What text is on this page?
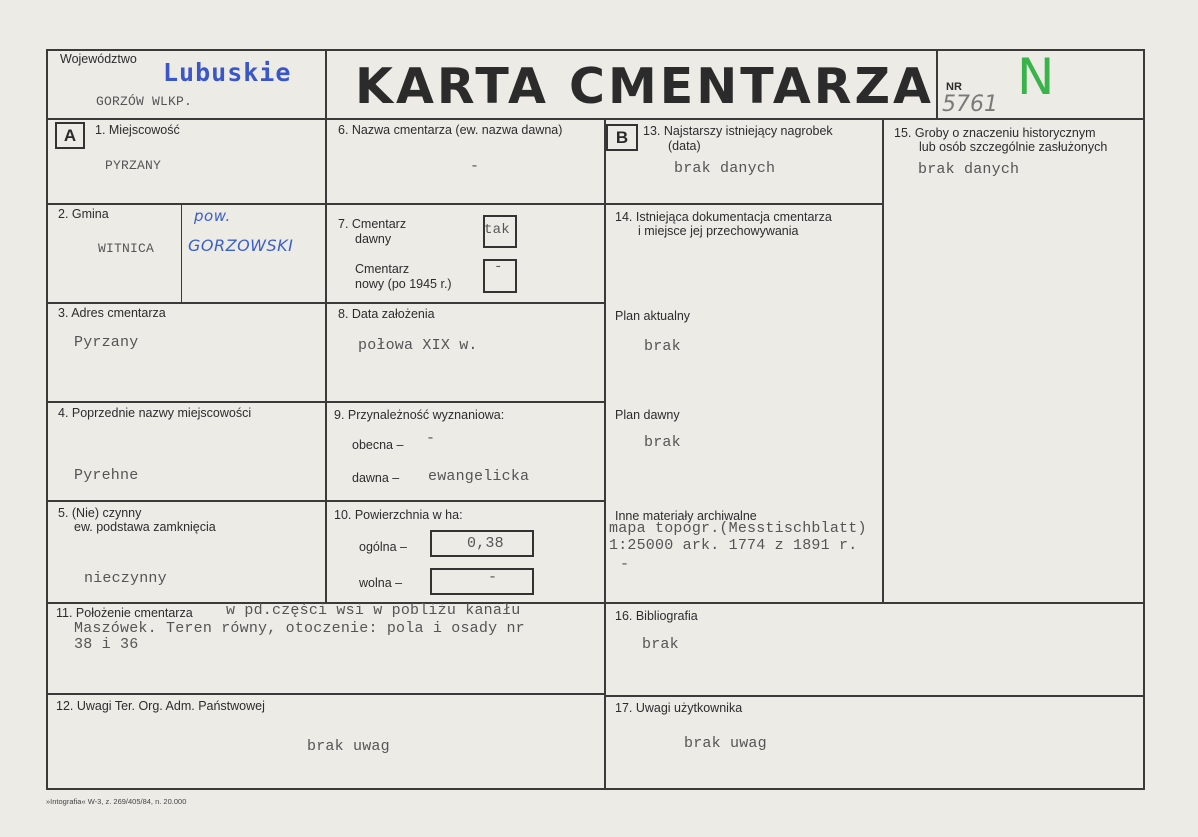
Województwo Lubuskie
GORZÓW WLKP.	KARTA CMENTARZA NR
5761 N
A	B
1. Miejscowość
PYRZANY
2. Gmina
WITNICA
pow.
GORZOWSKI
3. Adres cmentarza
Pyrzany
4. Poprzednie nazwy miejscowości
Pyrehne
5. (Nie) czynny
ew. podstawa zamknięcia
nieczynny
6. Nazwa cmentarza (ew. nazwa dawna)
-
7. Cmentarz
dawny
tak
Cmentarz
nowy (po 1945 r.)
-
8. Data założenia
połowa XIX w.
9. Przynależność wyznaniowa:
obecna – -
dawna – ewangelicka
10. Powierzchnia w ha:
ogólna –	0,38
wolna –	-
11. Położenie cmentarza w pd.części wsi w pobliżu kanału
Maszówek. Teren równy, otoczenie: pola i osady nr
38 i 36
12. Uwagi Ter. Org. Adm. Państwowej
brak uwag
13. Najstarszy istniejący nagrobek
(data)
brak danych
14. Istniejąca dokumentacja cmentarza
i miejsce jej przechowywania
Plan aktualny
brak
Plan dawny
brak
Inne materiały archiwalne
mapa topogr.(Messtischblatt)
1:25000 ark. 1774 z 1891 r.
-
15. Groby o znaczeniu historycznym
lub osób szczególnie zasłużonych
brak danych
16. Bibliografia
brak
17. Uwagi użytkownika
brak uwag
»Intografia« W-3, z. 269/405/84, n. 20.000
